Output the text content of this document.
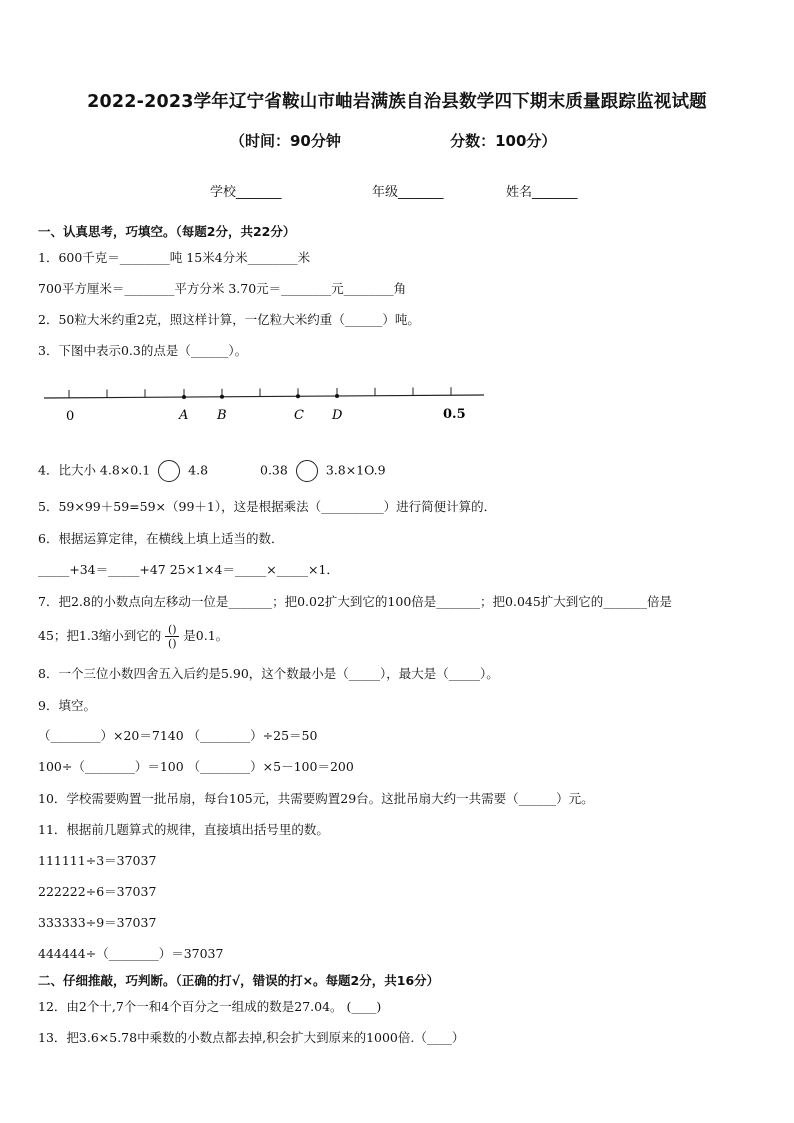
2022-2023学年辽宁省鞍山市岫岩满族自治县数学四下期末质量跟踪监视试题
（时间：90分钟	分数：100分）
学校_______	年级_______	姓名_______
一、认真思考，巧填空。（每题2分，共22分）
1．600千克＝________吨 15米4分米________米
700平方厘米＝________平方分米 3.70元＝________元________角
2．50粒大米约重2克，照这样计算，一亿粒大米约重（______）吨。
3．下图中表示0.3的点是（______）。
0	A B	C D	0.5
4．比大小 4.8×0.1	4.8	0.38	3.8×1O.9
5．59×99＋59=59×（99＋1），这是根据乘法（__________）进行简便计算的．
6．根据运算定律，在横线上填上适当的数．
_____+34＝_____+47 25×1×4＝_____×_____×1．
7．把2.8的小数点向左移动一位是_______；把0.02扩大到它的100倍是_______；把0.045扩大到它的_______倍是
45；把1.3缩小到它的 $\frac{()}{()}$ 是0.1。
8．一个三位小数四舍五入后约是5.90，这个数最小是（_____），最大是（_____）。
9．填空。
（________）×20＝7140 （________）÷25＝50
100÷（________）＝100 （________）×5－100＝200
10．学校需要购置一批吊扇，每台105元，共需要购置29台。这批吊扇大约一共需要（______）元。
11．根据前几题算式的规律，直接填出括号里的数。
111111÷3＝37037
222222÷6＝37037
333333÷9＝37037
444444÷（________）＝37037
二、仔细推敲，巧判断。（正确的打√，错误的打×。每题2分，共16分）
12．由2个十,7个一和4个百分之一组成的数是27.04。 (____)
13．把3.6×5.78中乘数的小数点都去掉,积会扩大到原来的1000倍.（____）
